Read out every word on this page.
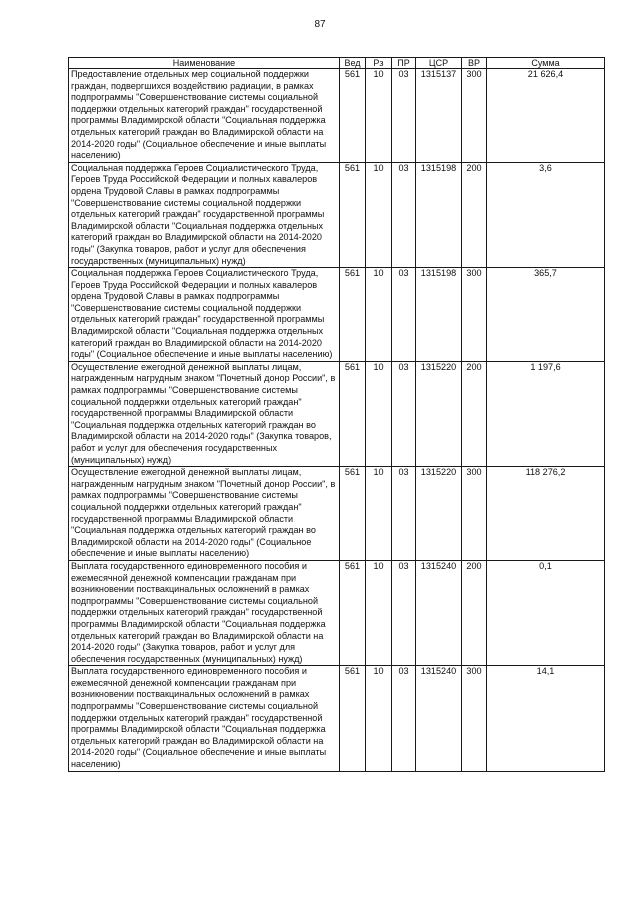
87
Наименование	Вед	Рз	ПР	ЦСР	ВР	Сумма
Предоставление отдельных мер социальной поддержки граждан, подвергшихся воздействию радиации, в рамках подпрограммы "Совершенствование системы социальной поддержки отдельных категорий граждан" государственной программы Владимирской области "Социальная поддержка отдельных категорий граждан во Владимирской области на 2014-2020 годы" (Социальное обеспечение и иные выплаты населению)	561	10	03	1315137	300	21 626,4
Социальная поддержка Героев Социалистического Труда, Героев Труда Российской Федерации и полных кавалеров ордена Трудовой Славы в рамках подпрограммы "Совершенствование системы социальной поддержки отдельных категорий граждан" государственной программы Владимирской области "Социальная поддержка отдельных категорий граждан во Владимирской области на 2014-2020 годы" (Закупка товаров, работ и услуг для обеспечения государственных (муниципальных) нужд)	561	10	03	1315198	200	3,6
Социальная поддержка Героев Социалистического Труда, Героев Труда Российской Федерации и полных кавалеров ордена Трудовой Славы в рамках подпрограммы "Совершенствование системы социальной поддержки отдельных категорий граждан" государственной программы Владимирской области "Социальная поддержка отдельных категорий граждан во Владимирской области на 2014-2020 годы" (Социальное обеспечение и иные выплаты населению)	561	10	03	1315198	300	365,7
Осуществление ежегодной денежной выплаты лицам, награжденным нагрудным знаком "Почетный донор России", в рамках подпрограммы "Совершенствование системы социальной поддержки отдельных категорий граждан" государственной программы Владимирской области "Социальная поддержка отдельных категорий граждан во Владимирской области на 2014-2020 годы" (Закупка товаров, работ и услуг для обеспечения государственных (муниципальных) нужд)	561	10	03	1315220	200	1 197,6
Осуществление ежегодной денежной выплаты лицам, награжденным нагрудным знаком "Почетный донор России", в рамках подпрограммы "Совершенствование системы социальной поддержки отдельных категорий граждан" государственной программы Владимирской области "Социальная поддержка отдельных категорий граждан во Владимирской области на 2014-2020 годы" (Социальное обеспечение и иные выплаты населению)	561	10	03	1315220	300	118 276,2
Выплата государственного единовременного пособия и ежемесячной денежной компенсации гражданам при возникновении поствакцинальных осложнений в рамках подпрограммы "Совершенствование системы социальной поддержки отдельных категорий граждан" государственной программы Владимирской области "Социальная поддержка отдельных категорий граждан во Владимирской области на 2014-2020 годы" (Закупка товаров, работ и услуг для обеспечения государственных (муниципальных) нужд)	561	10	03	1315240	200	0,1
Выплата государственного единовременного пособия и ежемесячной денежной компенсации гражданам при возникновении поствакцинальных осложнений в рамках подпрограммы "Совершенствование системы социальной поддержки отдельных категорий граждан" государственной программы Владимирской области "Социальная поддержка отдельных категорий граждан во Владимирской области на 2014-2020 годы" (Социальное обеспечение и иные выплаты населению)	561	10	03	1315240	300	14,1
